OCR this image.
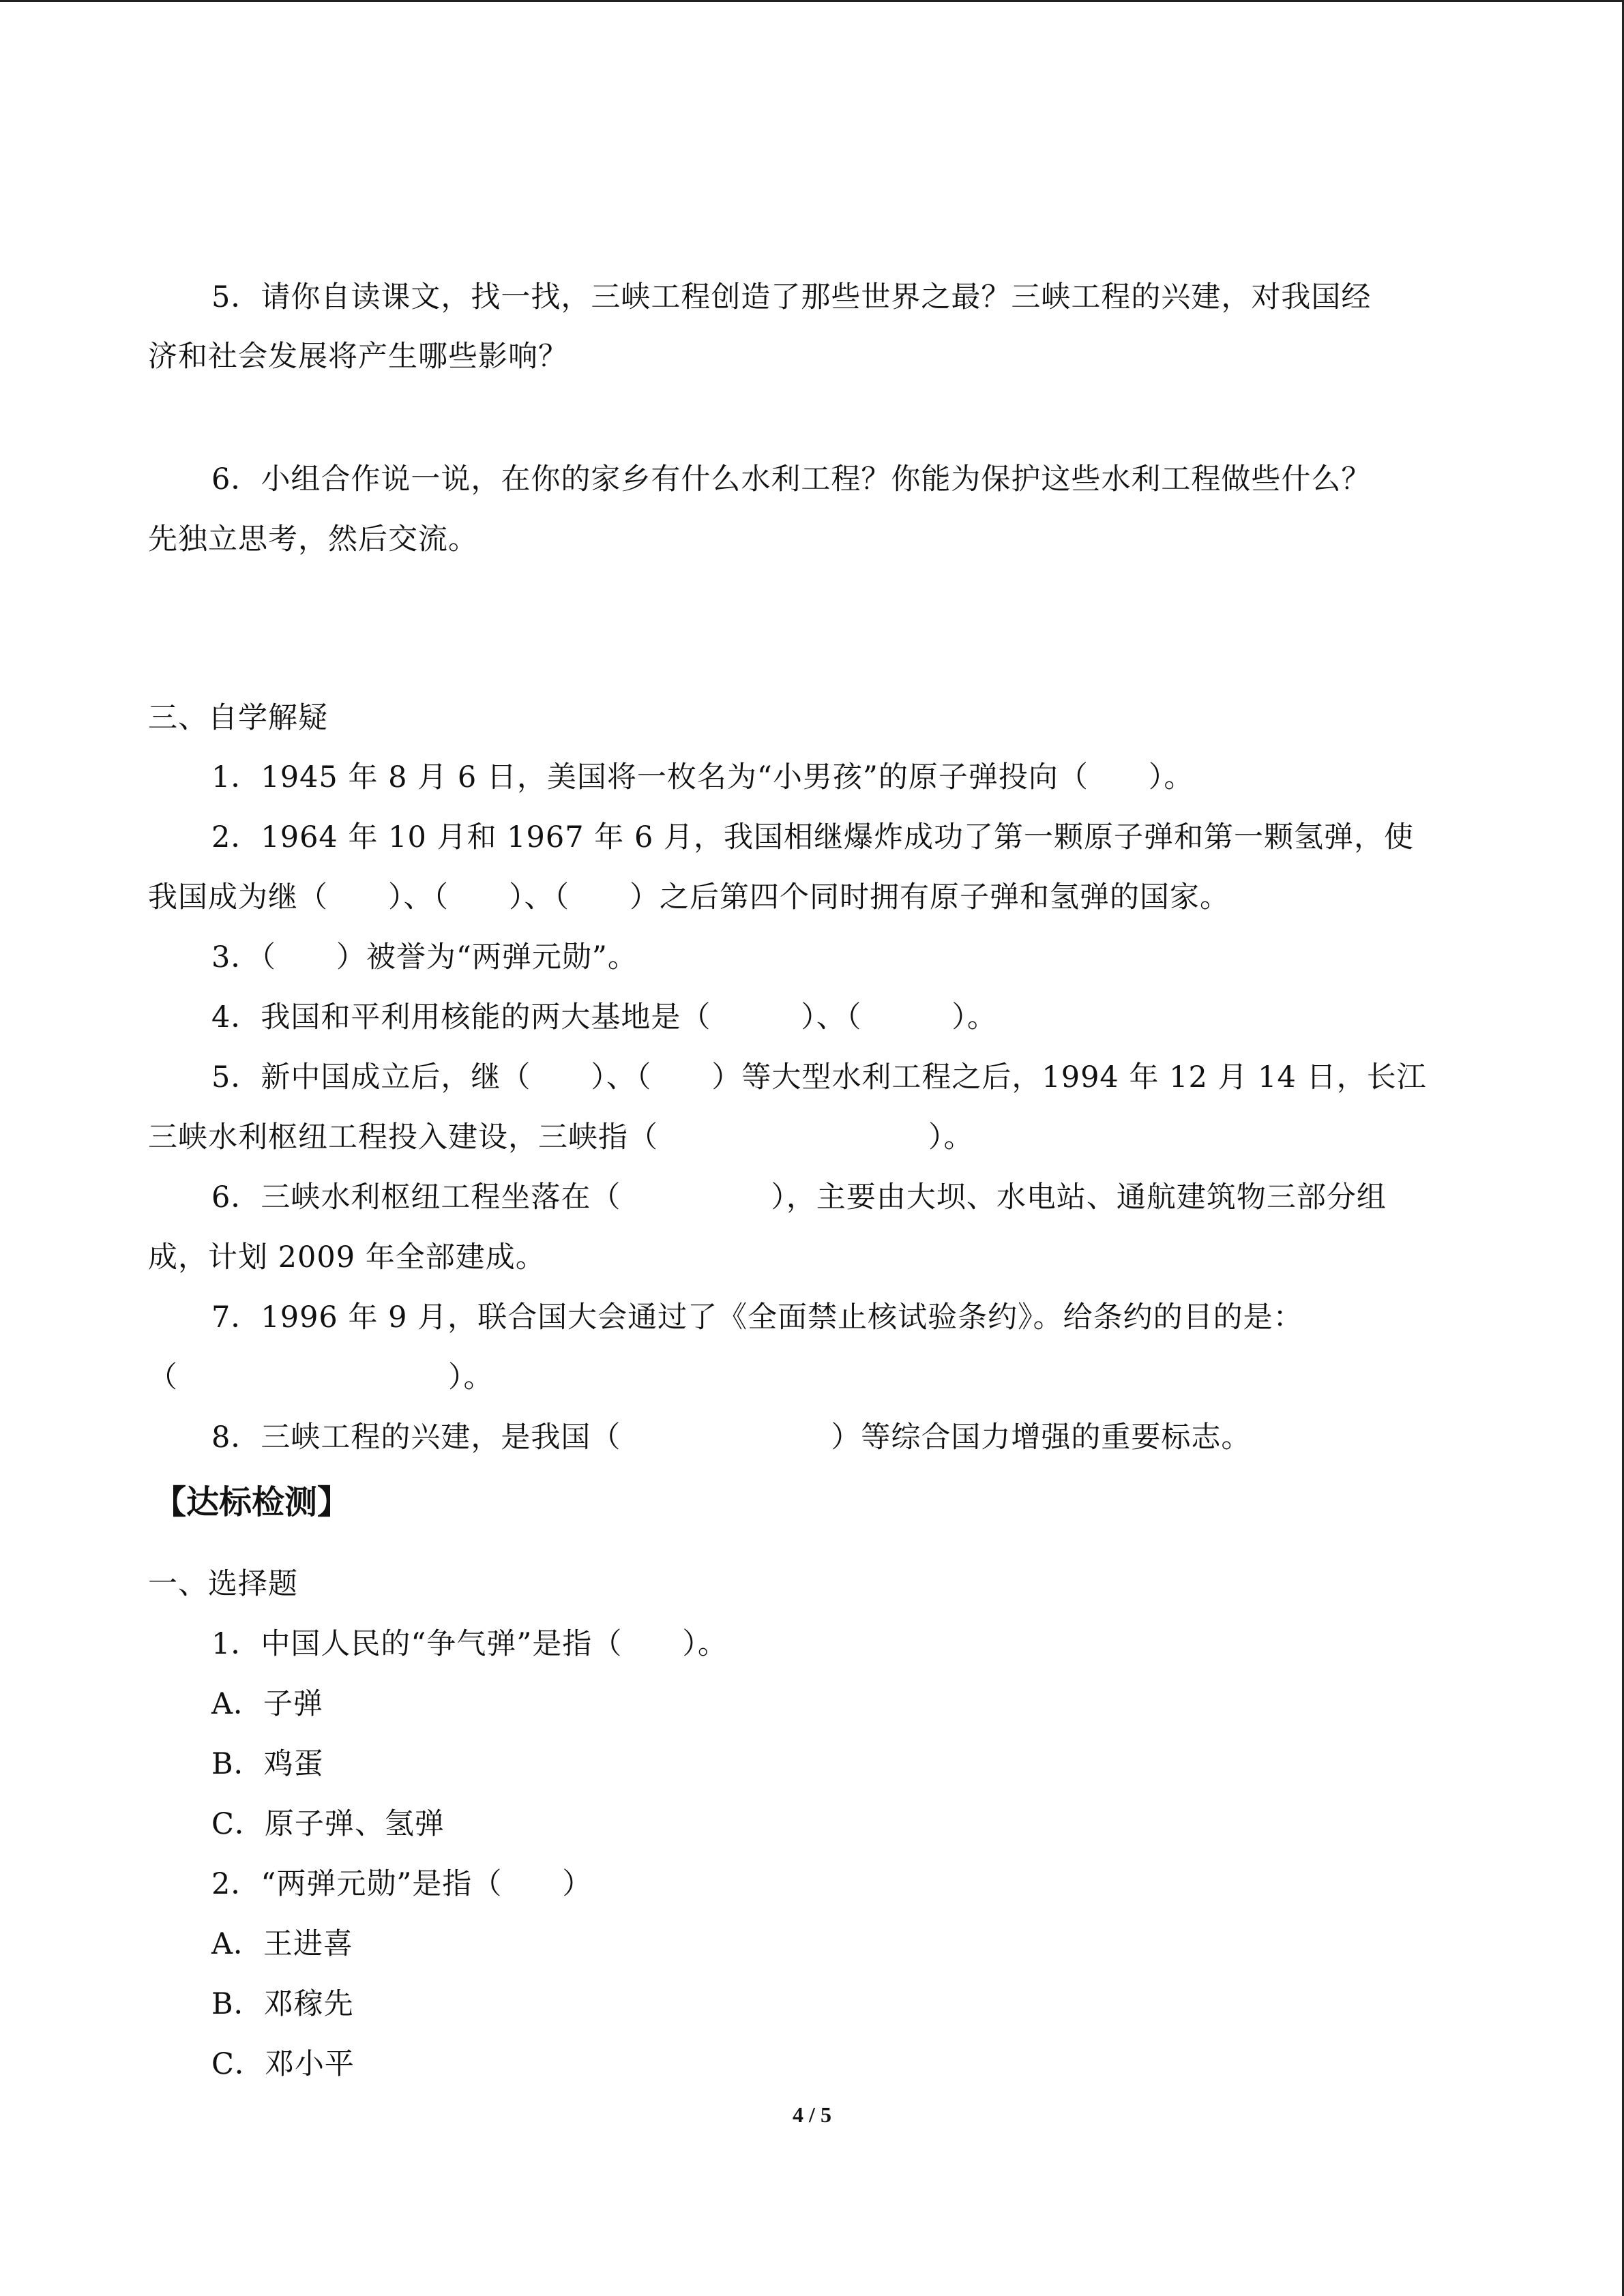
5．请你自读课文，找一找，三峡工程创造了那些世界之最？三峡工程的兴建，对我国经
济和社会发展将产生哪些影响？
6．小组合作说一说，在你的家乡有什么水利工程？你能为保护这些水利工程做些什么？
先独立思考，然后交流。
三、自学解疑
1．1945 年 8 月 6 日，美国将一枚名为“小男孩”的原子弹投向（　　）。
2．1964 年 10 月和 1967 年 6 月，我国相继爆炸成功了第一颗原子弹和第一颗氢弹，使
我国成为继（　　）、（　　）、（　　）之后第四个同时拥有原子弹和氢弹的国家。
3．（　　）被誉为“两弹元勋”。
4．我国和平利用核能的两大基地是（　　　）、（　　　）。
5．新中国成立后，继（　　）、（　　）等大型水利工程之后，1994 年 12 月 14 日，长江
三峡水利枢纽工程投入建设，三峡指（　　　　　　　　　）。
6．三峡水利枢纽工程坐落在（　　　　　），主要由大坝、水电站、通航建筑物三部分组
成，计划 2009 年全部建成。
7．1996 年 9 月，联合国大会通过了《全面禁止核试验条约》。给条约的目的是：
（　　　　　　　　　）。
8．三峡工程的兴建，是我国（　　　　　　　）等综合国力增强的重要标志。
【达标检测】
一、选择题
1．中国人民的“争气弹”是指（　　）。
A．子弹
B．鸡蛋
C．原子弹、氢弹
2．“两弹元勋”是指（　　）
A．王进喜
B．邓稼先
C．邓小平
4 / 5
